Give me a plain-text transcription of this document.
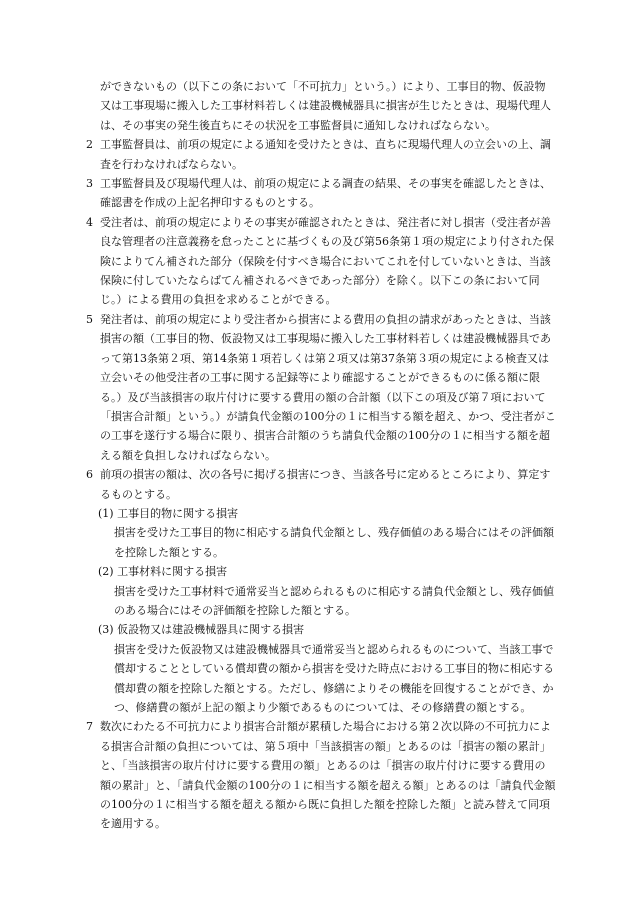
ができないもの（以下この条において「不可抗力」という。）により、工事目的物、仮設物又は工事現場に搬入した工事材料若しくは建設機械器具に損害が生じたときは、現場代理人は、その事実の発生後直ちにその状況を工事監督員に通知しなければならない。

2 工事監督員は、前項の規定による通知を受けたときは、直ちに現場代理人の立会いの上、調査を行わなければならない。

3 工事監督員及び現場代理人は、前項の規定による調査の結果、その事実を確認したときは、確認書を作成の上記名押印するものとする。

4 受注者は、前項の規定によりその事実が確認されたときは、発注者に対し損害（受注者が善良な管理者の注意義務を怠ったことに基づくもの及び第56条第１項の規定により付された保険によりてん補された部分（保険を付すべき場合においてこれを付していないときは、当該保険に付していたならばてん補されるべきであった部分）を除く。以下この条において同じ。）による費用の負担を求めることができる。

5 発注者は、前項の規定により受注者から損害による費用の負担の請求があったときは、当該損害の額（工事目的物、仮設物又は工事現場に搬入した工事材料若しくは建設機械器具であって第13条第２項、第14条第１項若しくは第２項又は第37条第３項の規定による検査又は立会いその他受注者の工事に関する記録等により確認することができるものに係る額に限る。）及び当該損害の取片付けに要する費用の額の合計額（以下この項及び第７項において「損害合計額」という。）が請負代金額の100分の１に相当する額を超え、かつ、受注者がこの工事を遂行する場合に限り、損害合計額のうち請負代金額の100分の１に相当する額を超える額を負担しなければならない。

6 前項の損害の額は、次の各号に掲げる損害につき、当該各号に定めるところにより、算定するものとする。

(1) 工事目的物に関する損害

損害を受けた工事目的物に相応する請負代金額とし、残存価値のある場合にはその評価額を控除した額とする。

(2) 工事材料に関する損害

損害を受けた工事材料で通常妥当と認められるものに相応する請負代金額とし、残存価値のある場合にはその評価額を控除した額とする。

(3) 仮設物又は建設機械器具に関する損害

損害を受けた仮設物又は建設機械器具で通常妥当と認められるものについて、当該工事で償却することとしている償却費の額から損害を受けた時点における工事目的物に相応する償却費の額を控除した額とする。ただし、修繕によりその機能を回復することができ、かつ、修繕費の額が上記の額より少額であるものについては、その修繕費の額とする。

7 数次にわたる不可抗力により損害合計額が累積した場合における第２次以降の不可抗力による損害合計額の負担については、第５項中「当該損害の額」とあるのは「損害の額の累計」と、「当該損害の取片付けに要する費用の額」とあるのは「損害の取片付けに要する費用の額の累計」と、「請負代金額の100分の１に相当する額を超える額」とあるのは「請負代金額の100分の１に相当する額を超える額から既に負担した額を控除した額」と読み替えて同項を適用する。
